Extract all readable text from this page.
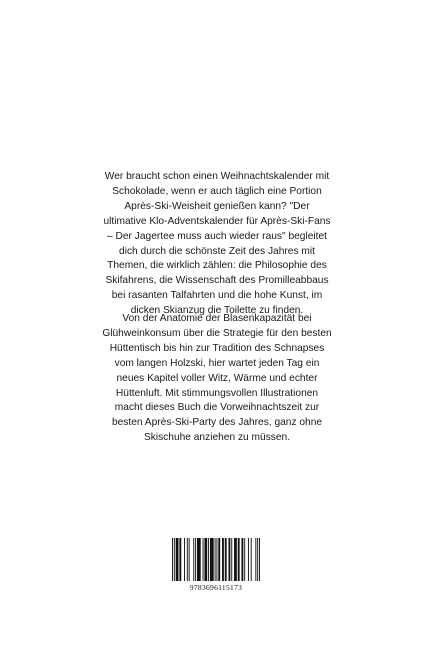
Wer braucht schon einen Weihnachtskalender mit Schokolade, wenn er auch täglich eine Portion Après-Ski-Weisheit genießen kann? "Der ultimative Klo-Adventskalender für Après-Ski-Fans – Der Jagertee muss auch wieder raus" begleitet dich durch die schönste Zeit des Jahres mit Themen, die wirklich zählen: die Philosophie des Skifahrens, die Wissenschaft des Promilleabbaus bei rasanten Talfahrten und die hohe Kunst, im dicken Skianzug die Toilette zu finden.

Von der Anatomie der Blasenkapazität bei Glühweinkonsum über die Strategie für den besten Hüttentisch bis hin zur Tradition des Schnapses vom langen Holzski, hier wartet jeden Tag ein neues Kapitel voller Witz, Wärme und echter Hüttenluft. Mit stimmungsvollen Illustrationen macht dieses Buch die Vorweihnachtszeit zur besten Après-Ski-Party des Jahres, ganz ohne Skischuhe anziehen zu müssen.

9783696115173
